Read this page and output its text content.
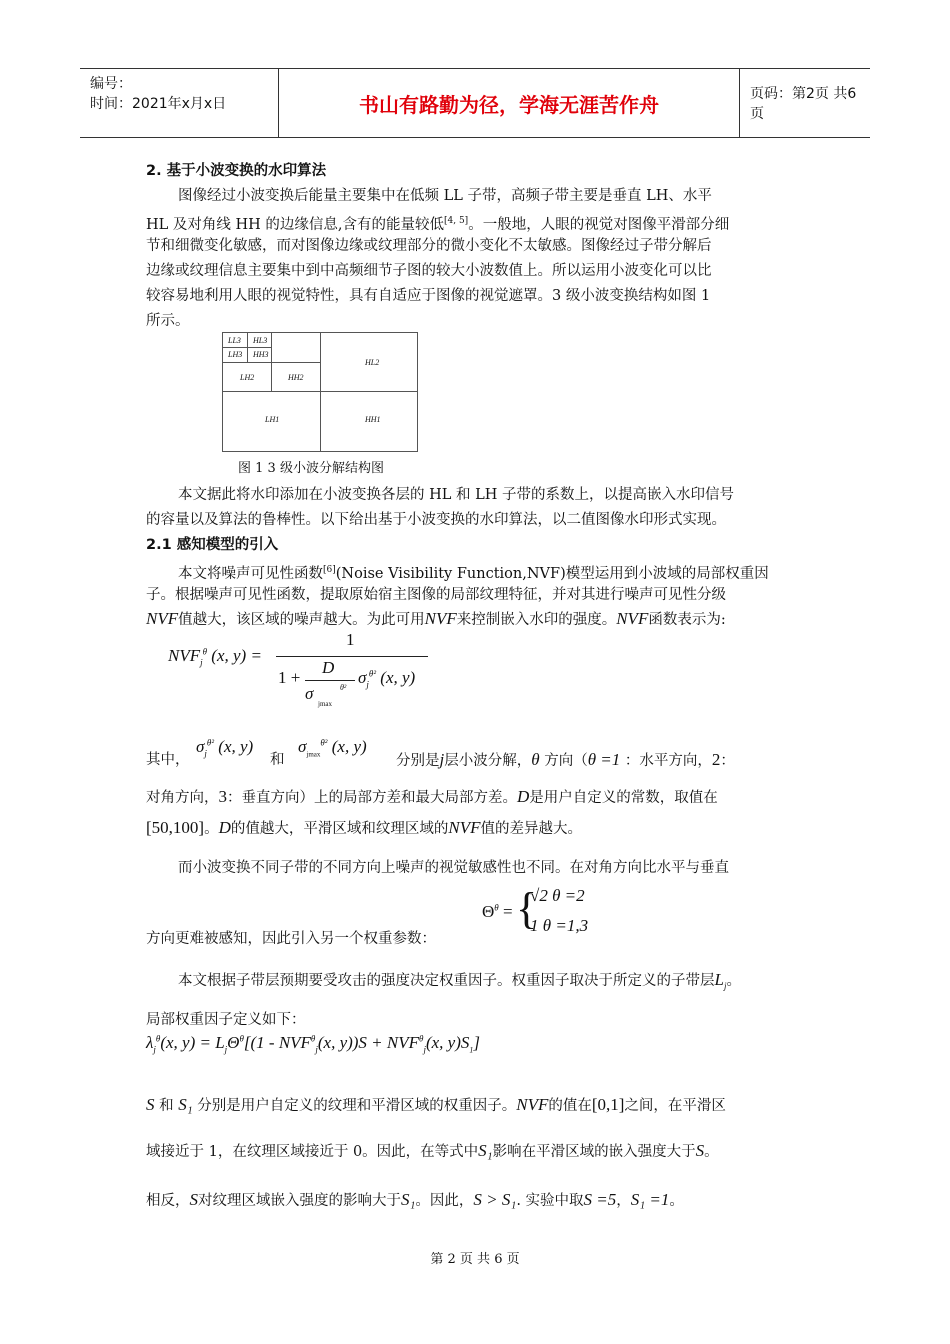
编号：
时间：2021年x月x日	书山有路勤为径，学海无涯苦作舟	页码：第2页 共6页
2. 基于小波变换的水印算法
图像经过小波变换后能量主要集中在低频 LL 子带，高频子带主要是垂直 LH、水平
HL 及对角线 HH 的边缘信息,含有的能量较低[4, 5]。一般地，人眼的视觉对图像平滑部分细
节和细微变化敏感，而对图像边缘或纹理部分的微小变化不太敏感。图像经过子带分解后
边缘或纹理信息主要集中到中高频细节子图的较大小波数值上。所以运用小波变化可以比
较容易地利用人眼的视觉特性，具有自适应于图像的视觉遮罩。3 级小波变换结构如图 1
所示。
LL3 HL3
LH3 HH3
HL2
LH2	HH2
LH1	HH1
图 1 3 级小波分解结构图
本文据此将水印添加在小波变换各层的 HL 和 LH 子带的系数上，以提高嵌入水印信号
的容量以及算法的鲁棒性。以下给出基于小波变换的水印算法，以二值图像水印形式实现。
2.1 感知模型的引入
本文将噪声可见性函数[6](Noise Visibility Function,NVF)模型运用到小波域的局部权重因
子。根据噪声可见性函数，提取原始宿主图像的局部纹理特征，并对其进行噪声可见性分级
NVF值越大，该区域的噪声越大。为此可用NVF来控制嵌入水印的强度。NVF函数表示为:
$NVF_j^\theta$ (x, y) =
1
1 +
D
σ
jmax
θ²
$\sigma_j^{\theta^2}$ (x, y)
其中，
$\sigma_j^{\theta^2}$ (x, y)
和
$\sigma_{jmax}^{\theta^2}$ (x, y)
分别是j层小波分解，θ 方向（θ =1 ：水平方向，2：
对角方向，3：垂直方向）上的局部方差和最大局部方差。D是用户自定义的常数，取值在
[50,100]。D的值越大，平滑区域和纹理区域的NVF值的差异越大。
而小波变换不同子带的不同方向上噪声的视觉敏感性也不同。在对角方向比水平与垂直
方向更难被感知，因此引入另一个权重参数：
$\Theta^\theta$ = {
√2 θ =2
1 θ =1,3
本文根据子带层预期要受攻击的强度决定权重因子。权重因子取决于所定义的子带层$L_j$。
局部权重因子定义如下：
$\lambda_j^\theta(x$, $y) = L_j\Theta^\theta[(1 - NVF^\theta_j(x$, $y))S + NVF^\theta_j(x$, $y)S_1$]
S 和 S₁ 分别是用户自定义的纹理和平滑区域的权重因子。NVF的值在[0,1]之间，在平滑区
域接近于 1，在纹理区域接近于 0。因此，在等式中S₁影响在平滑区域的嵌入强度大于S。
相反，S对纹理区域嵌入强度的影响大于S₁。因此，S > S₁. 实验中取S =5，S₁ =1。
第 2 页 共 6 页
